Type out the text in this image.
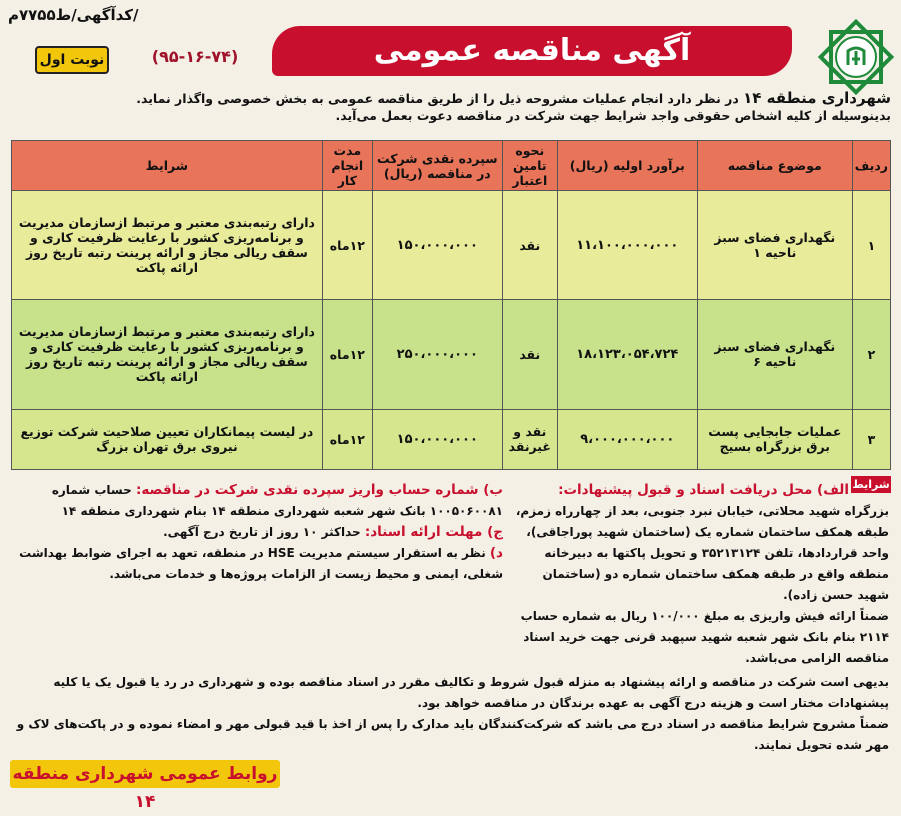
کدآگهی/ط۷۷۵۵م/
نوبت اول	(۹۵-۱۶-۷۴)	آگهی مناقصه عمومی
شهرداری منطقه ۱۴ در نظر دارد انجام عملیات مشروحه ذیل را از طریق مناقصه عمومی به بخش خصوصی واگذار نماید.
بدینوسیله از کلیه اشخاص حقوقی واجد شرایط جهت شرکت در مناقصه دعوت بعمل می‌آید.
ردیف	موضوع مناقصه	برآورد اولیه (ریال)	نحوه تامین اعتبار	سپرده نقدی شرکت در مناقصه (ریال)	مدت انجام کار	شرایط
۱	نگهداری فضای سبز ناحیه ۱	۱۱،۱۰۰،۰۰۰،۰۰۰	نقد	۱۵۰،۰۰۰،۰۰۰	۱۲ماه	دارای رتبه‌بندی معتبر و مرتبط ازسازمان مدیریت و برنامه‌ریزی کشور با رعایت ظرفیت کاری و سقف ریالی مجاز و ارائه پرینت رتبه تاریخ روز ارائه پاکت
۲	نگهداری فضای سبز ناحیه ۶	۱۸،۱۲۳،۰۵۴،۷۲۴	نقد	۲۵۰،۰۰۰،۰۰۰	۱۲ماه	دارای رتبه‌بندی معتبر و مرتبط ازسازمان مدیریت و برنامه‌ریزی کشور با رعایت ظرفیت کاری و سقف ریالی مجاز و ارائه پرینت رتبه تاریخ روز ارائه پاکت
۳	عملیات جابجایی پست برق بزرگراه بسیج	۹،۰۰۰،۰۰۰،۰۰۰	نقد و غیرنقد	۱۵۰،۰۰۰،۰۰۰	۱۲ماه	در لیست پیمانکاران تعیین صلاحیت شرکت توزیع نیروی برق تهران بزرگ
شرایط
الف) محل دریافت اسناد و قبول پیشنهادات: بزرگراه شهید محلاتی، خیابان نبرد جنوبی، بعد از چهارراه زمزم، طبقه همکف ساختمان شماره یک (ساختمان شهید پوراجاقی)، واحد قراردادها، تلفن ۳۵۲۱۳۱۲۴ و تحویل پاکتها به دبیرخانه منطقه واقع در طبقه همکف ساختمان شماره دو (ساختمان شهید حسن زاده).
ضمناً ارائه فیش واریزی به مبلغ ۱۰۰/۰۰۰ ریال به شماره حساب ۲۱۱۴ بنام بانک شهر شعبه شهید سپهبد قرنی جهت خرید اسناد مناقصه الزامی می‌باشد.
ب) شماره حساب واریز سپرده نقدی شرکت در مناقصه: حساب شماره ۱۰۰۵۰۶۰۰۸۱ بانک شهر شعبه شهرداری منطقه ۱۴ بنام شهرداری منطقه ۱۴
ج) مهلت ارائه اسناد: حداکثر ۱۰ روز از تاریخ درج آگهی.
د) نظر به استقرار سیستم مدیریت HSE در منطقه، تعهد به اجرای ضوابط بهداشت شغلی، ایمنی و محیط زیست از الزامات پروژه‌ها و خدمات می‌باشد.
بدیهی است شرکت در مناقصه و ارائه پیشنهاد به منزله قبول شروط و تکالیف مقرر در اسناد مناقصه بوده و شهرداری در رد یا قبول یک یا کلیه پیشنهادات مختار است و هزینه درج آگهی به عهده برندگان در مناقصه خواهد بود.
ضمناً مشروح شرایط مناقصه در اسناد درج می باشد که شرکت‌کنندگان باید مدارک را پس از اخذ با قید قبولی مهر و امضاء نموده و در پاکت‌های لاک و مهر شده تحویل نمایند.
روابط عمومی شهرداری منطقه ۱۴
